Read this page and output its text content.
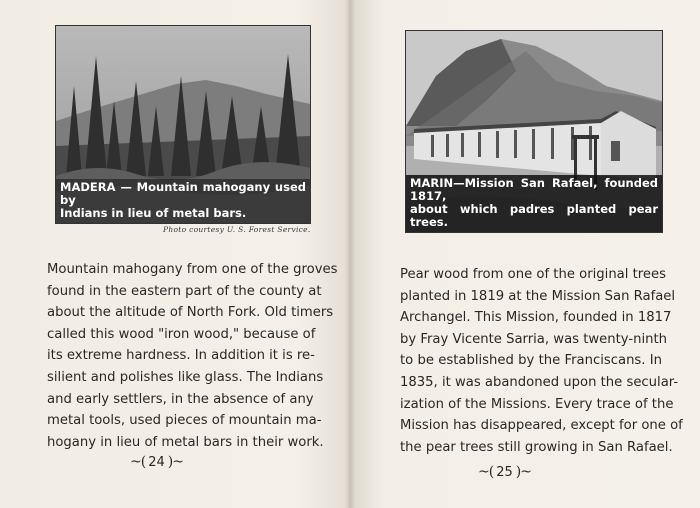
MADERA — Mountain mahogany used by
Indians in lieu of metal bars.
Photo courtesy U. S. Forest Service.
Mountain mahogany from one of the groves
found in the eastern part of the county at
about the altitude of North Fork. Old timers
called this wood "iron wood," because of
its extreme hardness. In addition it is re-
silient and polishes like glass. The Indians
and early settlers, in the absence of any
metal tools, used pieces of mountain ma-
hogany in lieu of metal bars in their work.
~( 24 )~
MARIN—Mission San Rafael, founded 1817,
about which padres planted pear trees.
Pear wood from one of the original trees
planted in 1819 at the Mission San Rafael
Archangel. This Mission, founded in 1817
by Fray Vicente Sarria, was twenty-ninth
to be established by the Franciscans. In
1835, it was abandoned upon the secular-
ization of the Missions. Every trace of the
Mission has disappeared, except for one of
the pear trees still growing in San Rafael.
~( 25 )~
